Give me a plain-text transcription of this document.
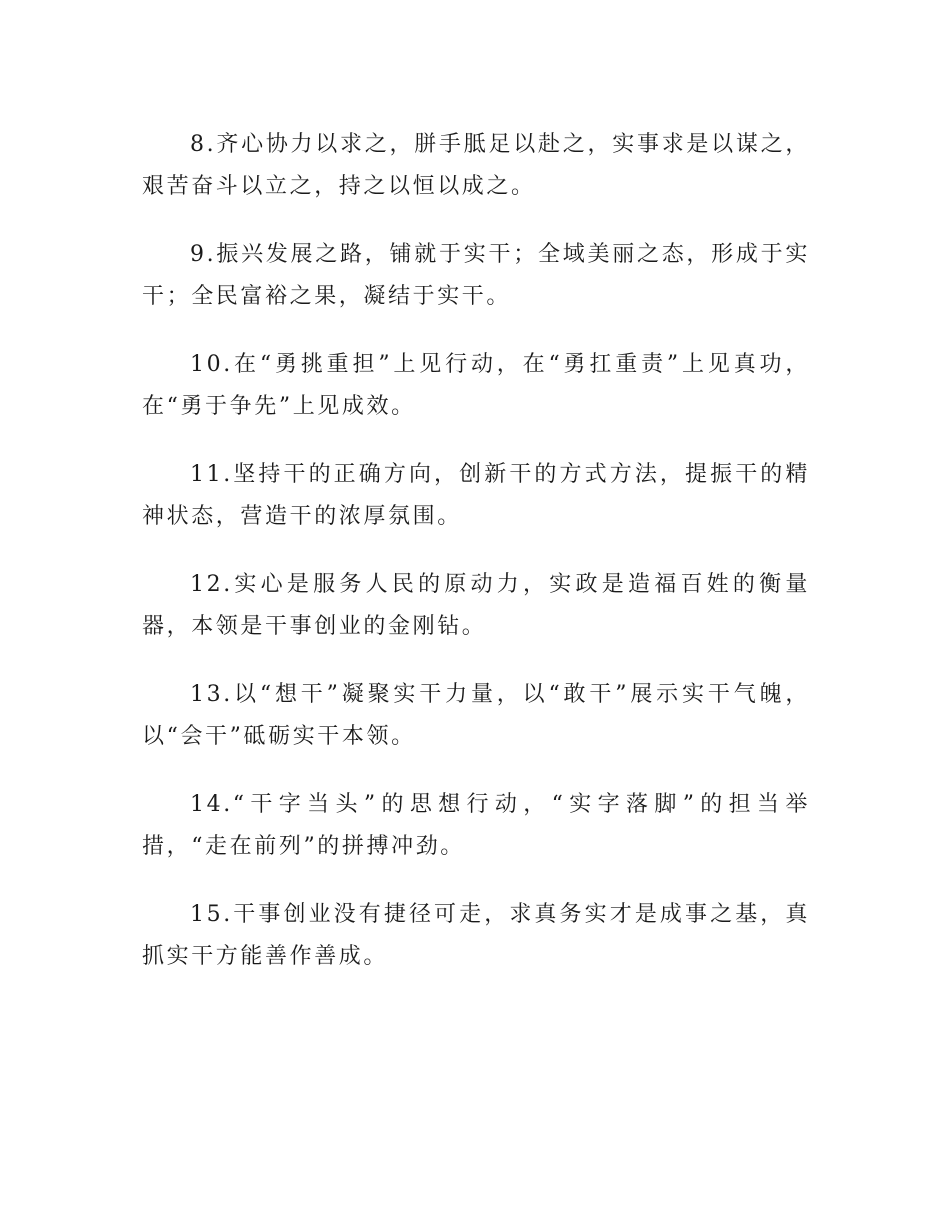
8.齐心协力以求之，胼手胝足以赴之，实事求是以谋之，艰苦奋斗以立之，持之以恒以成之。

9.振兴发展之路，铺就于实干；全域美丽之态，形成于实干；全民富裕之果，凝结于实干。

10.在“勇挑重担”上见行动，在“勇扛重责”上见真功，在“勇于争先”上见成效。

11.坚持干的正确方向，创新干的方式方法，提振干的精神状态，营造干的浓厚氛围。

12.实心是服务人民的原动力，实政是造福百姓的衡量器，本领是干事创业的金刚钻。

13.以“想干”凝聚实干力量，以“敢干”展示实干气魄，以“会干”砥砺实干本领。

14.“干字当头”的思想行动，“实字落脚”的担当举措，“走在前列”的拼搏冲劲。

15.干事创业没有捷径可走，求真务实才是成事之基，真抓实干方能善作善成。
